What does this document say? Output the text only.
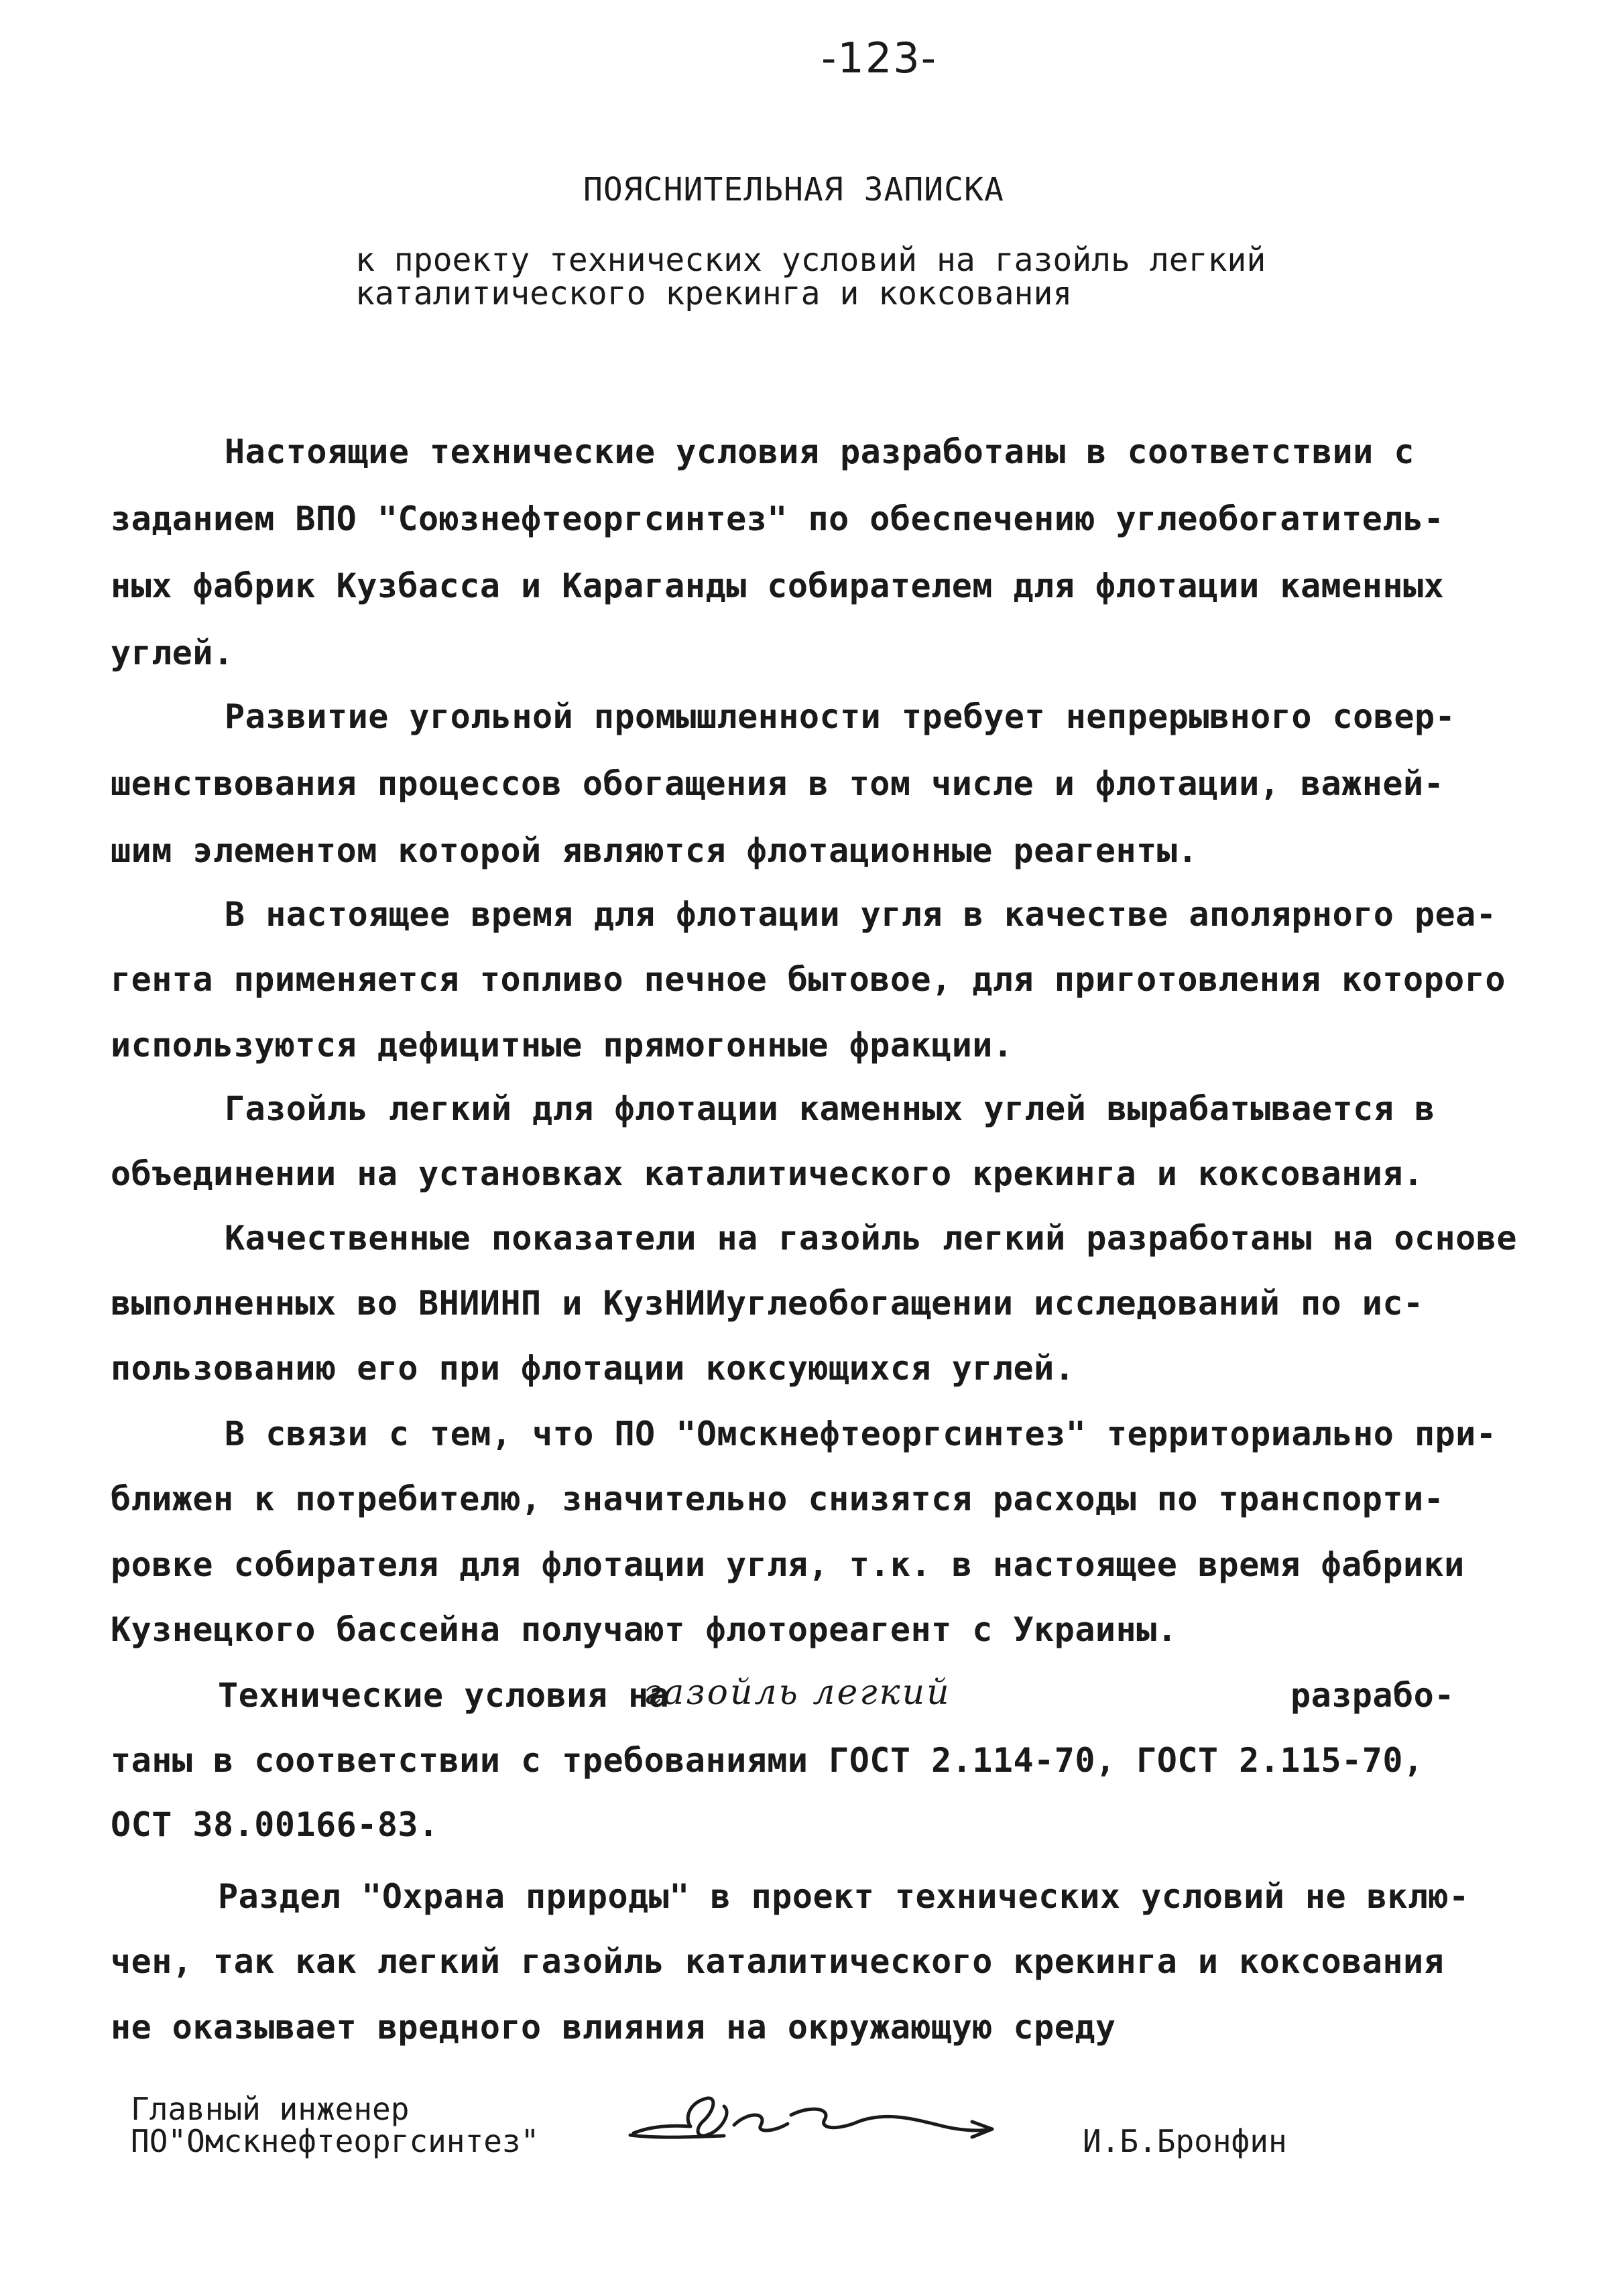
-123-
ПОЯСНИТЕЛЬНАЯ ЗАПИСКА
к проекту технических условий на газойль легкий
каталитического крекинга и коксования
Настоящие технические условия разработаны в соответствии с
заданием ВПО "Союзнефтеоргсинтез" по обеспечению углеобогатитель-
ных фабрик Кузбасса и Караганды собирателем для флотации каменных
углей.
Развитие угольной промышленности требует непрерывного совер-
шенствования процессов обогащения в том числе и флотации, важней-
шим элементом которой являются флотационные реагенты.
В настоящее время для флотации угля в качестве аполярного реа-
гента применяется топливо печное бытовое, для приготовления которого
используются дефицитные прямогонные фракции.
Газойль легкий для флотации каменных углей вырабатывается в
объединении на установках каталитического крекинга и коксования.
Качественные показатели на газойль легкий разработаны на основе
выполненных во ВНИИНП и КузНИИуглеобогащении исследований по ис-
пользованию его при флотации коксующихся углей.
В связи с тем, что ПО "Омскнефтеоргсинтез" территориально при-
ближен к потребителю, значительно снизятся расходы по транспорти-
ровке собирателя для флотации угля, т.к. в настоящее время фабрики
Кузнецкого бассейна получают флотореагент с Украины.
Технические условия на
газойль легкий	разрабо-
таны в соответствии с требованиями ГОСТ 2.114-70, ГОСТ 2.115-70,
ОСТ 38.00166-83.
Раздел "Охрана природы" в проект технических условий не вклю-
чен, так как легкий газойль каталитического крекинга и коксования
не оказывает вредного влияния на окружающую среду
Главный инженер
ПО"Омскнефтеоргсинтез"	И.Б.Бронфин
